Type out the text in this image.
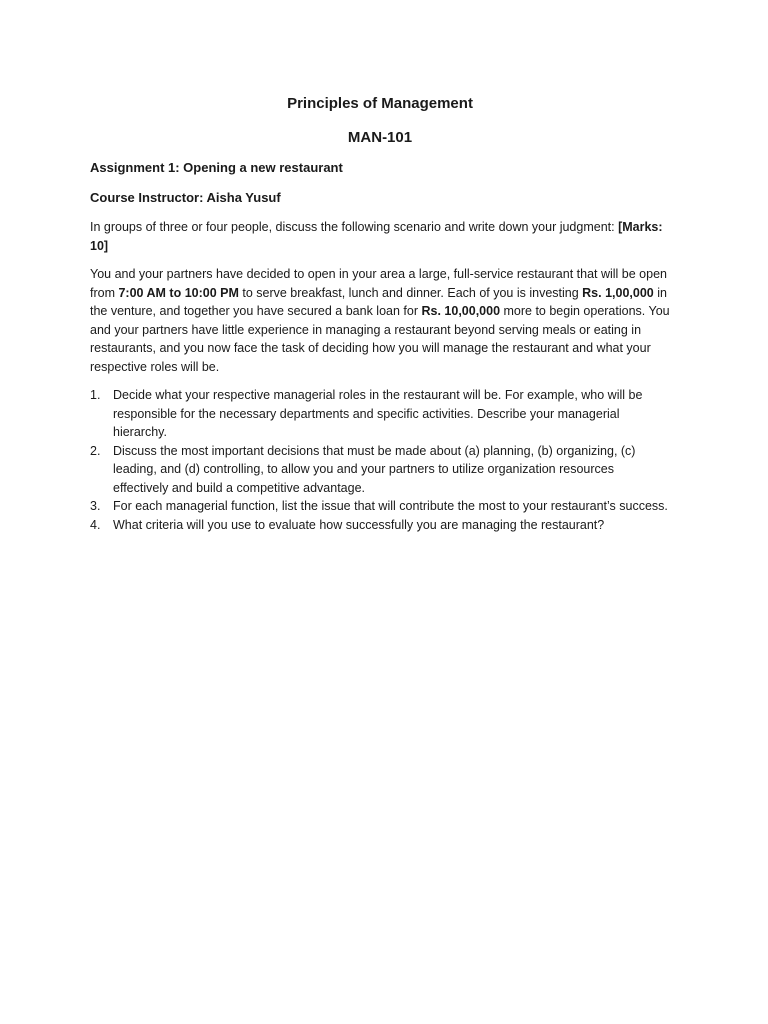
Principles of Management
MAN-101
Assignment 1: Opening a new restaurant
Course Instructor: Aisha Yusuf

In groups of three or four people, discuss the following scenario and write down your judgment: [Marks: 10]

You and your partners have decided to open in your area a large, full-service restaurant that will be open from 7:00 AM to 10:00 PM to serve breakfast, lunch and dinner. Each of you is investing Rs. 1,00,000 in the venture, and together you have secured a bank loan for Rs. 10,00,000 more to begin operations. You and your partners have little experience in managing a restaurant beyond serving meals or eating in restaurants, and you now face the task of deciding how you will manage the restaurant and what your respective roles will be.

1. Decide what your respective managerial roles in the restaurant will be. For example, who will be responsible for the necessary departments and specific activities. Describe your managerial hierarchy.
2. Discuss the most important decisions that must be made about (a) planning, (b) organizing, (c) leading, and (d) controlling, to allow you and your partners to utilize organization resources effectively and build a competitive advantage.
3. For each managerial function, list the issue that will contribute the most to your restaurant’s success.
4. What criteria will you use to evaluate how successfully you are managing the restaurant?
